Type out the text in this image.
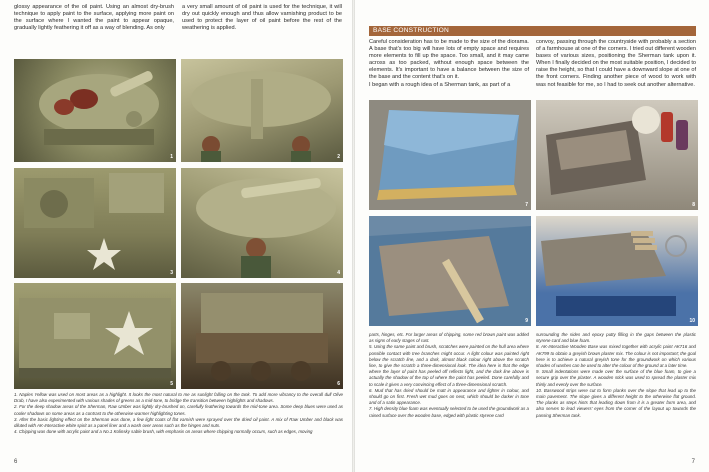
glossy appearance of the oil paint. Using an almost dry-brush technique to apply paint to the surface, applying more paint on the surface where I wanted the paint to appear opaque, gradually lightly feathering it off as a way of blending. As only
a very small amount of oil paint is used for the technique, it will dry out quickly enough and thus allow varnishing product to be used to protect the layer of oil paint before the rest of the weathering is applied.
1	2
3	4
5	6

1. Naples Yellow was used on most areas as a highlight. It looks the most natural to me as sunlight falling on the tank. To add more vibrancy to the overall dull Olive Drab, I have also experimented with various shades of greens as a mid-tone, to bridge the transition between highlights and shadows.

2. For the deep shadow areas of the Sherman, Raw Umber was lightly dry-brushed on, carefully feathering towards the mid-tone area. Some deep blues were used as cooler shadows on some areas as a contrast to the otherwise warmer highlighting tones.

3. After the basic lighting effect on the Sherman was done, a few light coats of flat varnish were sprayed over the dried oil paint. A mix of Raw Umber and black was diluted with AK-Interactive white spirit as a panel liner and a wash over areas such as the hinges and nuts.

4. Chipping was done with acrylic paint and a No.1 Kolinsky sable brush, with emphasis on areas where chipping normally occurs, such as edges, moving

6
BASE CONSTRUCTION
Careful consideration has to be made to the size of the diorama. A base that's too big will have lots of empty space and requires more elements to fill up the space. Too small, and it may came across as too packed, without enough space between the elements. It's important to have a balance between the size of the base and the content that's on it.
I began with a rough idea of a Sherman tank, as part of a
convoy, passing through the countryside with probably a section of a farmhouse at one of the corners. I tried out different wooden bases of various sizes, positioning the Sherman tank upon it. When I finally decided on the most suitable position, I decided to raise the height, so that I could have a downward slope at one of the front corners. Finding another piece of wood to work with was not feasible for me, so I had to seek out another alternative.
7	8
9	10

parts, hinges, etc. For larger areas of chipping, some red brown paint was added as signs of early stages of rust.

5. Using the same paint and brush, scratches were painted on the hull area where possible contact with tree branches might occur. A light colour was painted right below the scratch line, and a dark, almost black colour right above the scratch line, to give the scratch a three-dimensional look. The idea here is that the edge where the layer of paint has peeled off reflects light, and the dark line above is actually the shadow of the top of where the paint has peeled. Done carefully and to scale it gives a very convincing effect of a three-dimensional scratch.

6. Mud that has dried should be matt in appearance and lighter in colour, and should go on first. Fresh wet mud goes on next, which should be darker in tone and of a satin appearance.

7. High density blue foam was eventually selected to be used the groundwork as a raised surface over the wooden base, edged with plastic styrene card

surrounding the sides and epoxy putty filling in the gaps between the plastic styrene card and blue foam.

8. AK-Interactive Wooden Base was mixed together with acrylic paint AK716 and AK799 to obtain a greyish brown plaster mix. The colour is not important; the goal here is to achieve a natural greyish tone for the groundwork on which various shades of washes can be used to alter the colour of the ground at a later time.

9. Small indentations were made over the surface of the blue foam, to give a secure grip over the plaster. A wooden stick was used to spread the plaster mix thinly and evenly over the surface.

10. Basswood strips were cut to form planks over the slope that lead up to the main pavement. The slope gives a different height to the otherwise flat ground. The planks as steps hints that leading down from it is a greater farm area, and also serves to lead viewers' eyes from the corner of the layout up towards the passing Sherman tank.

7
